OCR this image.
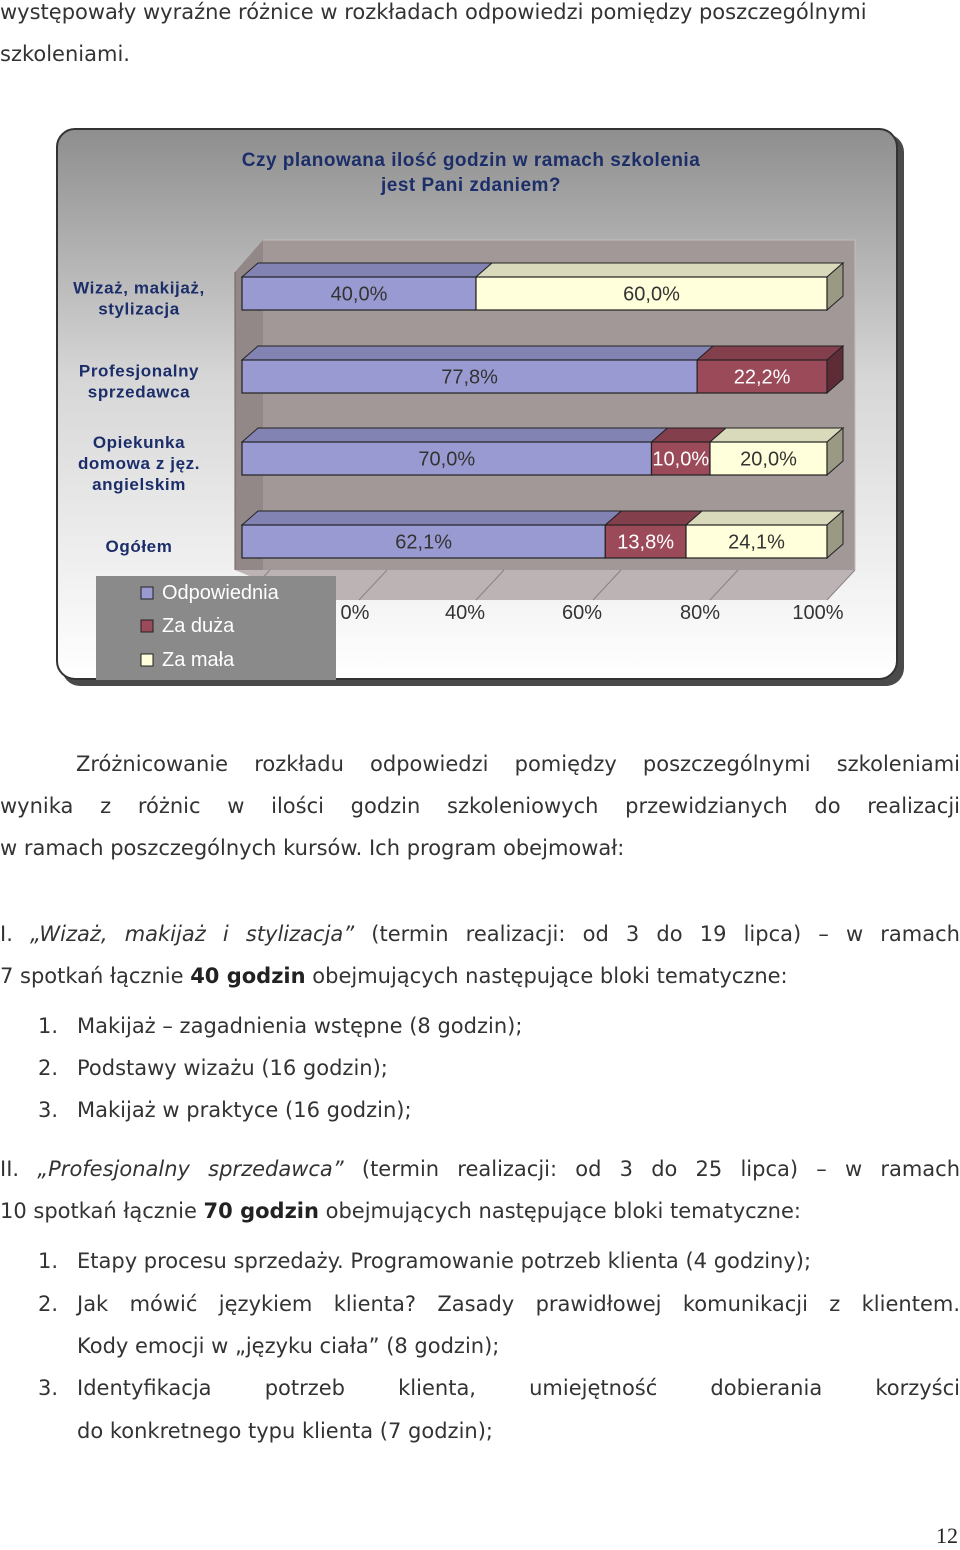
występowały wyraźne różnice w rozkładach odpowiedzi pomiędzy poszczególnymi
szkoleniami.
40,0%	60,0%
77,8%	22,2%
70,0%	10,0% 20,0%
62,1%	13,8%	24,1%
Wizaż, makijaż,
stylizacja
Profesjonalny
sprzedawca
Opiekunka
domowa z jęz.
angielskim
Ogółem
0%	40%	60%	80%	100%
Czy planowana ilość godzin w ramach szkolenia
jest Pani zdaniem?
Odpowiednia
Za duża
Za mała
Zróżnicowanie rozkładu odpowiedzi pomiędzy poszczególnymi szkoleniami
wynika z różnic w ilości godzin szkoleniowych przewidzianych do realizacji
w ramach poszczególnych kursów. Ich program obejmował:
I. „Wizaż, makijaż i stylizacja” (termin realizacji: od 3 do 19 lipca) – w ramach
7 spotkań łącznie 40 godzin obejmujących następujące bloki tematyczne:
1. Makijaż – zagadnienia wstępne (8 godzin);
2. Podstawy wizażu (16 godzin);
3. Makijaż w praktyce (16 godzin);
II. „Profesjonalny sprzedawca” (termin realizacji: od 3 do 25 lipca) – w ramach
10 spotkań łącznie 70 godzin obejmujących następujące bloki tematyczne:
1. Etapy procesu sprzedaży. Programowanie potrzeb klienta (4 godziny);
2. Jak mówić językiem klienta? Zasady prawidłowej komunikacji z klientem.
Kody emocji w „języku ciała” (8 godzin);
3. Identyfikacja potrzeb klienta, umiejętność dobierania korzyści
do konkretnego typu klienta (7 godzin);
12
